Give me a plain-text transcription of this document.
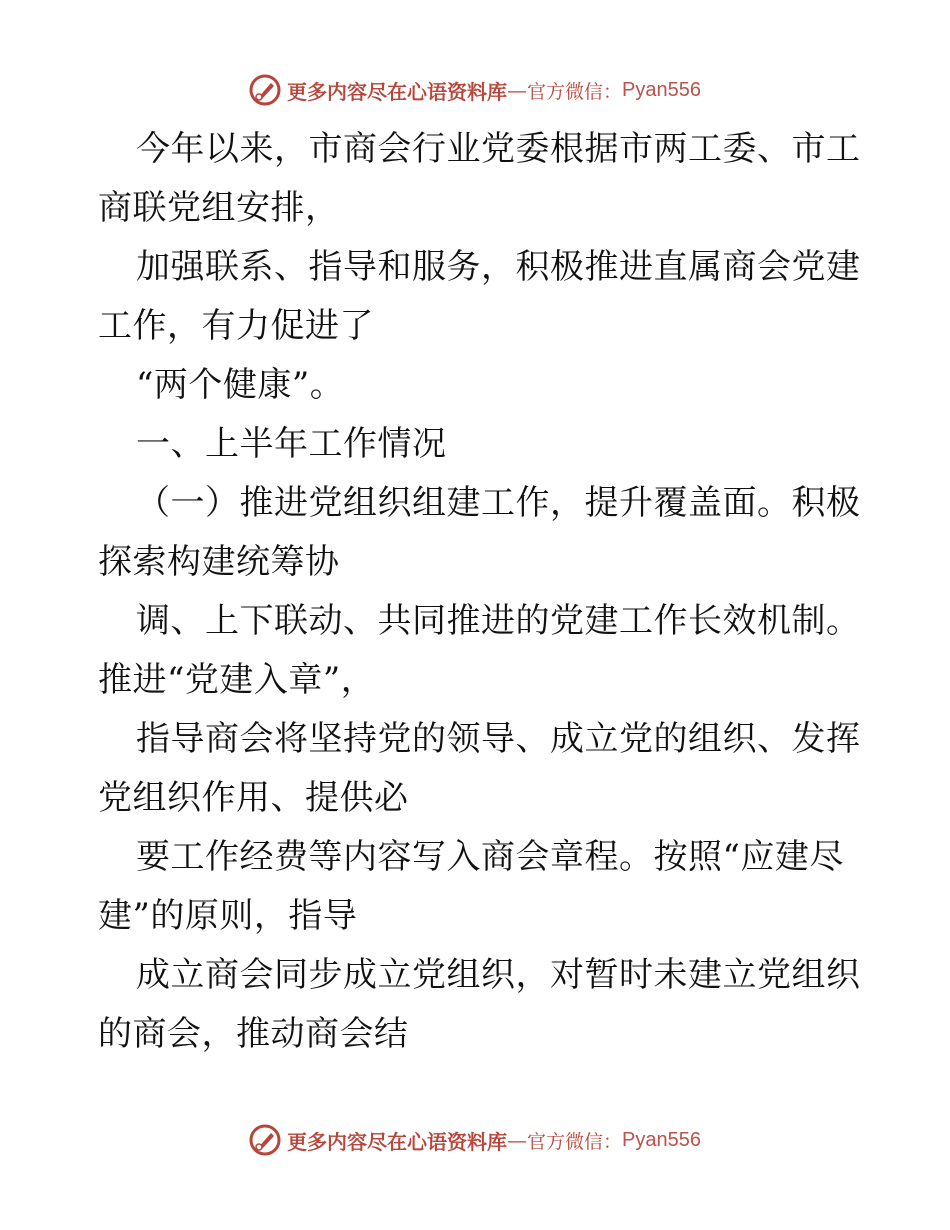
更多内容尽在心语资料库 — 官方微信： Pyan556
今年以来，市商会行业党委根据市两工委、市工
商联党组安排，
加强联系、指导和服务，积极推进直属商会党建
工作，有力促进了
“两个健康”。
一、上半年工作情况
（一）推进党组织组建工作，提升覆盖面。积极
探索构建统筹协
调、上下联动、共同推进的党建工作长效机制。
推进“党建入章”，
指导商会将坚持党的领导、成立党的组织、发挥
党组织作用、提供必
要工作经费等内容写入商会章程。按照“应建尽
建”的原则，指导
成立商会同步成立党组织，对暂时未建立党组织
的商会，推动商会结
更多内容尽在心语资料库 — 官方微信： Pyan556
